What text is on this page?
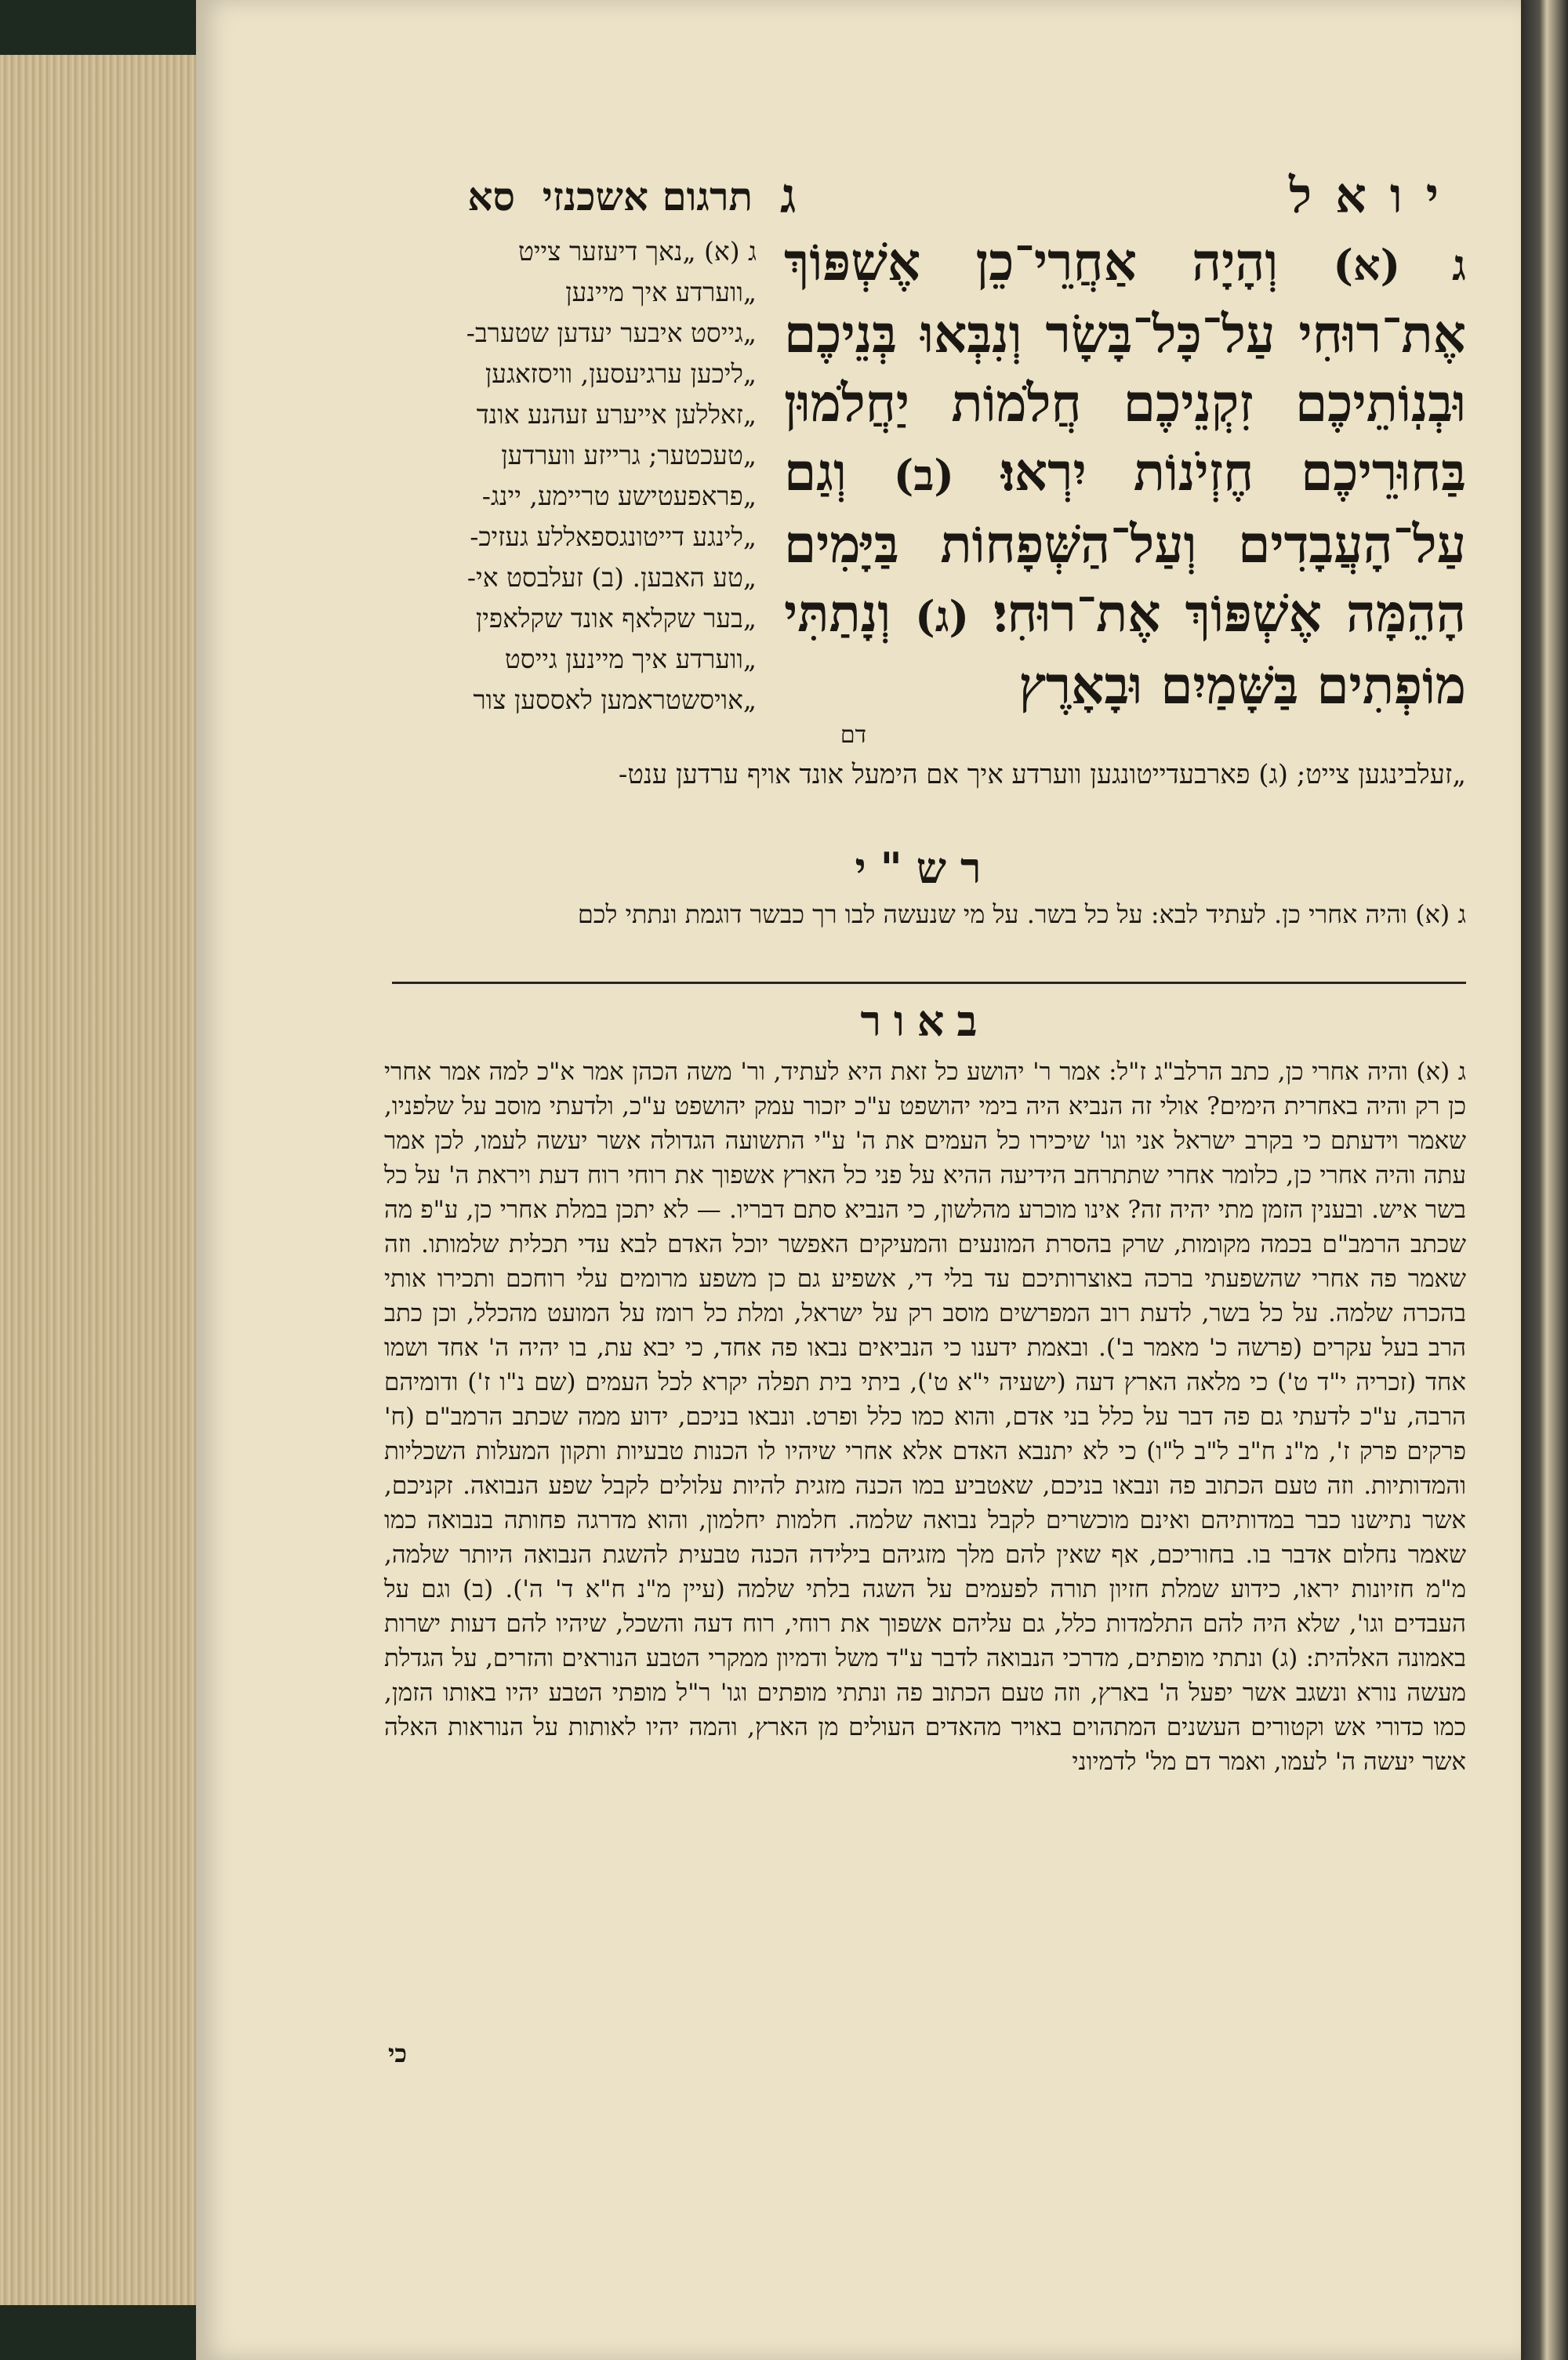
יואל
ג
תרגום אשכנזי

סא
ג (א) וְהָיָה אַחֲרֵי־כֵן אֶשְׁפּוֹךְ אֶת־רוּחִי עַל־כָּל־בָּשָׂר וְנִבְּאוּ בְּנֵיכֶם וּבְנֽוֹתֵיכֶם זִקְנֵיכֶם חֲלֹמוֹת יַחֲלֹמוּן בַּחוּרֵיכֶם חֶזְיֹנוֹת יִרְאוּ׃ (ב) וְגַם עַל־הָעֲבָדִים וְעַל־הַשְּׁפָחוֹת בַּיָּמִים הָהֵמָּה אֶשְׁפּוֹךְ אֶת־רוּחִי׃ (ג) וְנָתַתִּי מוֹפְתִים בַּשָּׁמַיִם וּבָאָרֶץ
דם
ג (א) „נאך דיעזער צייט
„ווערדע איך מיינען
„גייסט איבער יעדען שטערב-
„ליכען ערגיעסען, וויסזאגען
„זאללען אייערע זעהנע אונד
„טעכטער; גרייזע ווערדען
„פראפעטישע טריימע, יינג-
„לינגע דייטונגספאללע געזיכ-
„טע האבען. (ב) זעלבסט אי-
„בער שקלאף אונד שקלאפין
„ווערדע איך מיינען גייסט
„אויסשטראמען לאססען צור
„זעלבינגען צייט; (ג) פארבעדייטונגען ווערדע איך אם הימעל אונד אויף ערדען ענט-
רש"י
ג (א) והיה אחרי כן. לעתיד לבא: על כל בשר. על מי שנעשה לבו רך כבשר דוגמת ונתתי לכם
באור
ג (א) והיה אחרי כן, כתב הרלב"ג ז"ל: אמר ר' יהושע כל זאת היא לעתיד, ור' משה הכהן אמר א"כ למה אמר אחרי כן רק והיה באחרית הימים? אולי זה הנביא היה בימי יהושפט ע"כ יזכור עמק יהושפט ע"כ, ולדעתי מוסב על שלפניו, שאמר וידעתם כי בקרב ישראל אני וגו' שיכירו כל העמים את ה' ע"י התשועה הגדולה אשר יעשה לעמו, לכן אמר עתה והיה אחרי כן, כלומר אחרי שתתרחב הידיעה ההיא על פני כל הארץ אשפוך את רוחי רוח דעת ויראת ה' על כל בשר איש. ובענין הזמן מתי יהיה זה? אינו מוכרע מהלשון, כי הנביא סתם דבריו. — לא יתכן במלת אחרי כן, ע"פ מה שכתב הרמב"ם בכמה מקומות, שרק בהסרת המונעים והמעיקים האפשר יוכל האדם לבא עדי תכלית שלמותו. וזה שאמר פה אחרי שהשפעתי ברכה באוצרותיכם עד בלי די, אשפיע גם כן משפע מרומים עלי רוחכם ותכירו אותי בהכרה שלמה. על כל בשר, לדעת רוב המפרשים מוסב רק על ישראל, ומלת כל רומז על המועט מהכלל, וכן כתב הרב בעל עקרים (פרשה כ' מאמר ב'). ובאמת ידענו כי הנביאים נבאו פה אחד, כי יבא עת, בו יהיה ה' אחד ושמו אחד (זכריה י"ד ט') כי מלאה הארץ דעה (ישעיה י"א ט'), ביתי בית תפלה יקרא לכל העמים (שם נ"ו ז') ודומיהם הרבה, ע"כ לדעתי גם פה דבר על כלל בני אדם, והוא כמו כלל ופרט. ונבאו בניכם, ידוע ממה שכתב הרמב"ם (ח' פרקים פרק ז', מ"נ ח"ב ל"ב ל"ו) כי לא יתנבא האדם אלא אחרי שיהיו לו הכנות טבעיות ותקון המעלות השכליות והמדותיות. וזה טעם הכתוב פה ונבאו בניכם, שאטביע במו הכנה מזגית להיות עלולים לקבל שפע הנבואה. זקניכם, אשר נתישנו כבר במדותיהם ואינם מוכשרים לקבל נבואה שלמה. חלמות יחלמון, והוא מדרגה פחותה בנבואה כמו שאמר נחלום אדבר בו. בחוריכם, אף שאין להם מלך מזגיהם בילידה הכנה טבעית להשגת הנבואה היותר שלמה, מ"מ חזיונות יראו, כידוע שמלת חזיון תורה לפעמים על השגה בלתי שלמה (עיין מ"נ ח"א ד' ה'). (ב) וגם על העבדים וגו', שלא היה להם התלמדות כלל, גם עליהם אשפוך את רוחי, רוח דעה והשכל, שיהיו להם דעות ישרות באמונה האלהית: (ג) ונתתי מופתים, מדרכי הנבואה לדבר ע"ד משל ודמיון ממקרי הטבע הנוראים והזרים, על הגדלת מעשה נורא ונשגב אשר יפעל ה' בארץ, וזה טעם הכתוב פה ונתתי מופתים וגו' ר"ל מופתי הטבע יהיו באותו הזמן, כמו כדורי אש וקטורים העשנים המתהוים באויר מהאדים העולים מן הארץ, והמה יהיו לאותות על הנוראות האלה אשר יעשה ה' לעמו, ואמר דם מל' לדמיוני
כי
